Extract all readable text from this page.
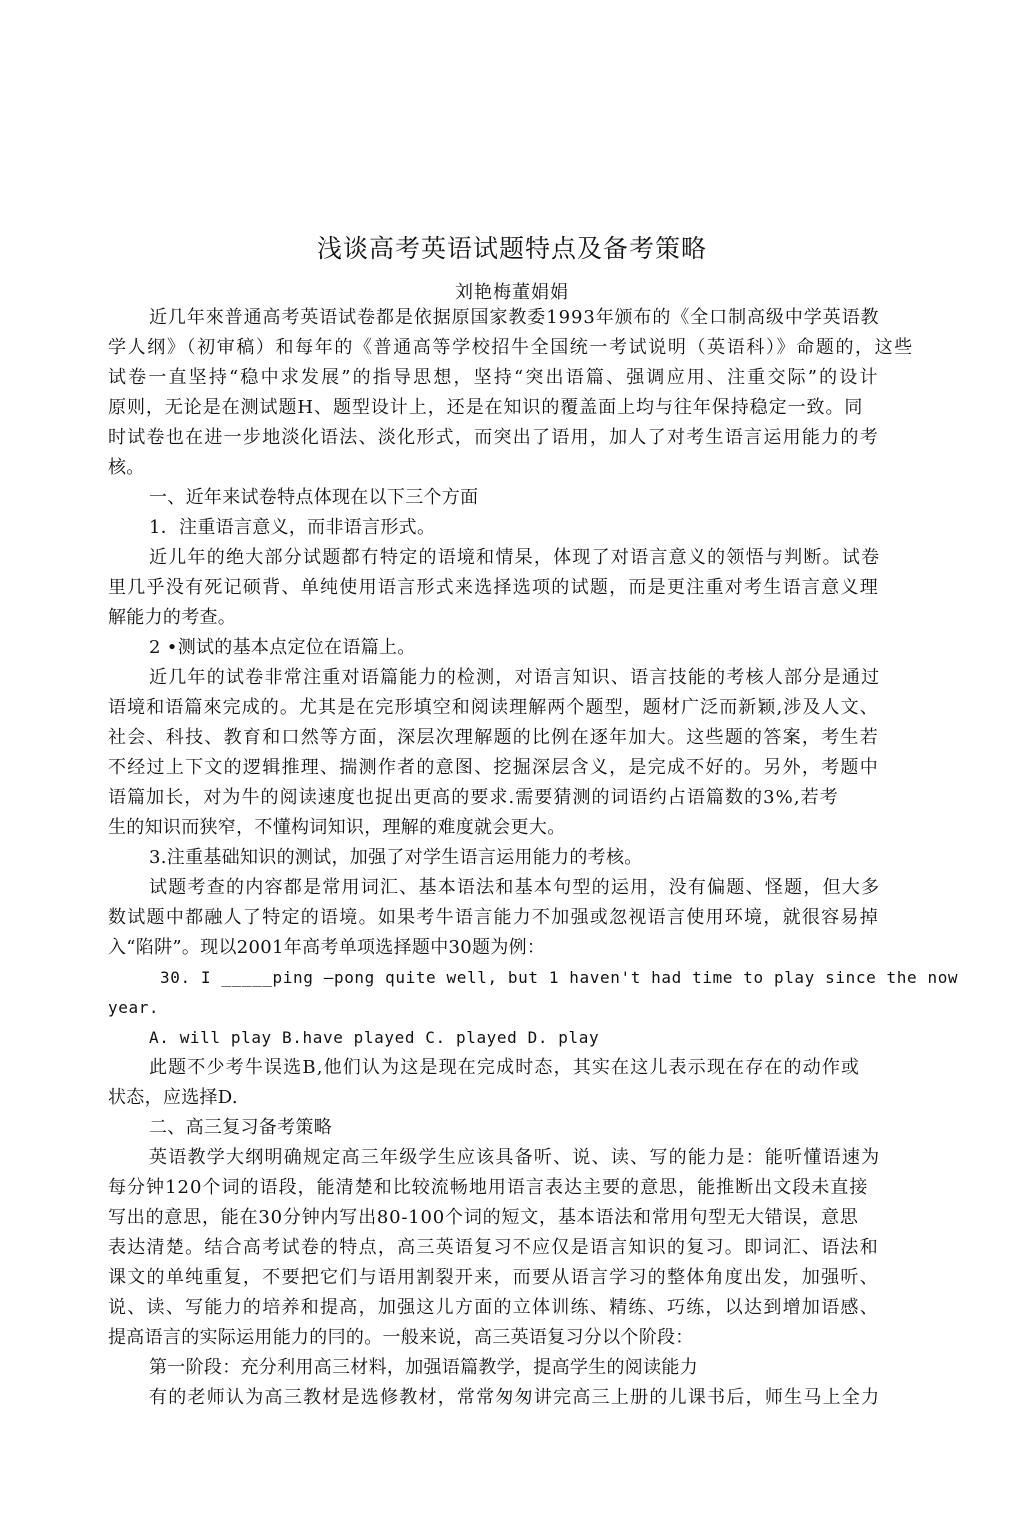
浅谈高考英语试题特点及备考策略
刘艳梅董娟娟
近几年來普通高考英语试卷都是依据原国家教委1993年颁布的《全口制高级中学英语教
学人纲》（初审稿）和每年的《普通高等学校招牛全国统一考试说明（英语科）》命题的，这些
试卷一直坚持“稳中求发展”的指导思想，坚持“突出语篇、强调应用、注重交际”的设计
原则，无论是在测试题H、题型设计上，还是在知识的覆盖面上均与往年保持稳定一致。同
时试卷也在进一步地淡化语法、淡化形式，而突出了语用，加人了对考生语言运用能力的考
核。
一、近年来试卷特点体现在以下三个方面
1．注重语言意义，而非语言形式。
近儿年的绝大部分试题都冇特定的语境和情杲，体现了对语言意义的领悟与判断。试卷
里几乎没有死记硕背、单纯使用语言形式来选择选项的试题，而是更注重对考生语言意义理
解能力的考查。
2 •测试的基本点定位在语篇上。
近几年的试卷非常注重对语篇能力的检测，对语言知识、语言技能的考核人部分是通过
语境和语篇來完成的。尤其是在完形填空和阅读理解两个题型，题材广泛而新颖,涉及人文、
社会、科技、教育和口然等方面，深层次理解题的比例在逐年加大。这些题的答案，考生若
不经过上下文的逻辑推理、揣测作者的意图、挖掘深层含义，是完成不好的。另外，考题中
语篇加长，对为牛的阅读速度也捉出更高的要求.需要猜测的词语约占语篇数的3%,若考
生的知识而狭窄，不懂构词知识，理解的难度就会更大。
3.注重基础知识的测试，加强了对学生语言运用能力的考核。
试题考查的内容都是常用词汇、基本语法和基本句型的运用，没有偏题、怪题，但大多
数试题中都融人了特定的语境。如果考牛语言能力不加强或忽视语言使用环境，就很容易掉
入“陷阱”。现以2001年高考单项选择题中30题为例：
30. I _____ping —pong quite well, but 1 haven't had time to play since the now
year.
A. will play B.have played C. played D. play
此题不少考牛误选B,他们认为这是现在完成时态，其实在这儿表示现在存在的动作或
状态，应选择D.
二、高三复习备考策略
英语教学大纲明确规定高三年级学生应该具备听、说、读、写的能力是：能听懂语速为
每分钟120个词的语段，能清楚和比较流畅地用语言表达主要的意思，能推断出文段未直接
写出的意思，能在30分钟内写出80-100个词的短文，基本语法和常用句型无大错误，意思
表达清楚。结合高考试卷的特点，高三英语复习不应仅是语言知识的复习。即词汇、语法和
课文的单纯重复，不要把它们与语用割裂开来，而要从语言学习的整体角度出发，加强听、
说、读、写能力的培养和提高，加强这儿方面的立体训练、精练、巧练，以达到增加语感、
提高语言的实际运用能力的冃的。一般来说，高三英语复习分以个阶段：
第一阶段：充分利用高三材料，加强语篇教学，提高学生的阅读能力
有的老师认为高三教材是选修教材，常常匆匆讲完高三上册的儿课书后，师生马上全力
